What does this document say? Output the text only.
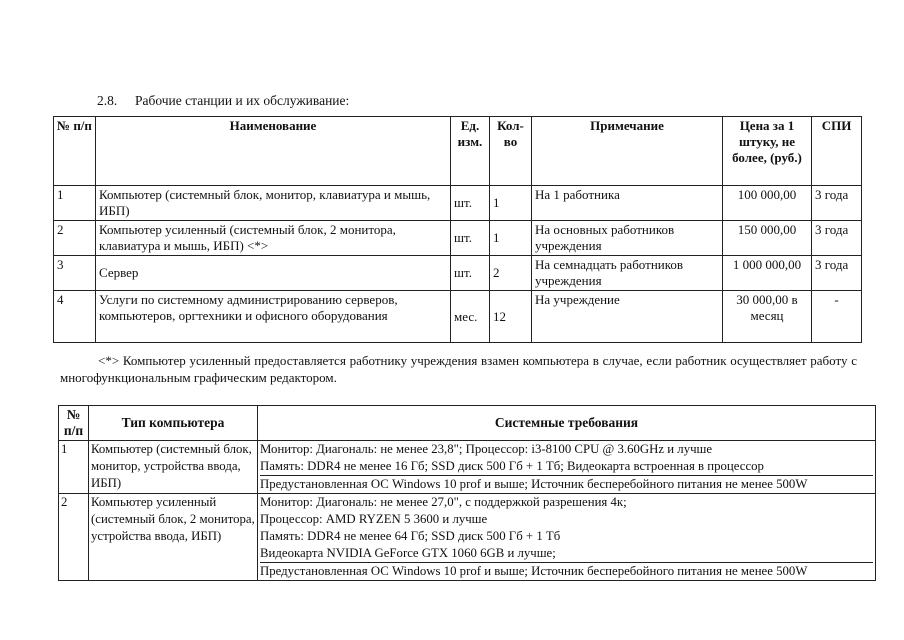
2.8. Рабочие станции и их обслуживание:
№ п/п	Наименование	Ед. изм.	Кол-во	Примечание	Цена за 1 штуку, не более, (руб.)	СПИ
1	Компьютер (системный блок, монитор, клавиатура и мышь, ИБП)	шт.	1	На 1 работника	100 000,00	3 года
2	Компьютер усиленный (системный блок, 2 монитора, клавиатура и мышь, ИБП) <*>	шт.	1	На основных работников учреждения	150 000,00	3 года
3	Сервер	шт.	2	На семнадцать работников учреждения	1 000 000,00	3 года
4	Услуги по системному администрированию серверов, компьютеров, оргтехники и офисного оборудования	мес.	12	На учреждение	30 000,00 в месяц	-
<*> Компьютер усиленный предоставляется работнику учреждения взамен компьютера в случае, если работник осуществляет работу с многофункциональным графическим редактором.
№ п/п	Тип компьютера	Системные требования
1	Компьютер (системный блок, монитор, устройства ввода, ИБП)	Монитор: Диагональ: не менее 23,8"; Процессор: i3-8100 CPU @ 3.60GHz и лучше
Память: DDR4 не менее 16 Гб; SSD диск 500 Гб + 1 Тб; Видеокарта встроенная в процессор
Предустановленная ОС Windows 10 prof и выше; Источник бесперебойного питания не менее 500W

2	Компьютер усиленный (системный блок, 2 монитора, устройства ввода, ИБП)	Монитор: Диагональ: не менее 27,0", с поддержкой разрешения 4к;
Процессор: AMD RYZEN 5 3600 и лучше
Память: DDR4 не менее 64 Гб; SSD диск 500 Гб + 1 Тб
Видеокарта NVIDIA GeForce GTX 1060 6GB и лучше;
Предустановленная ОС Windows 10 prof и выше; Источник бесперебойного питания не менее 500W
